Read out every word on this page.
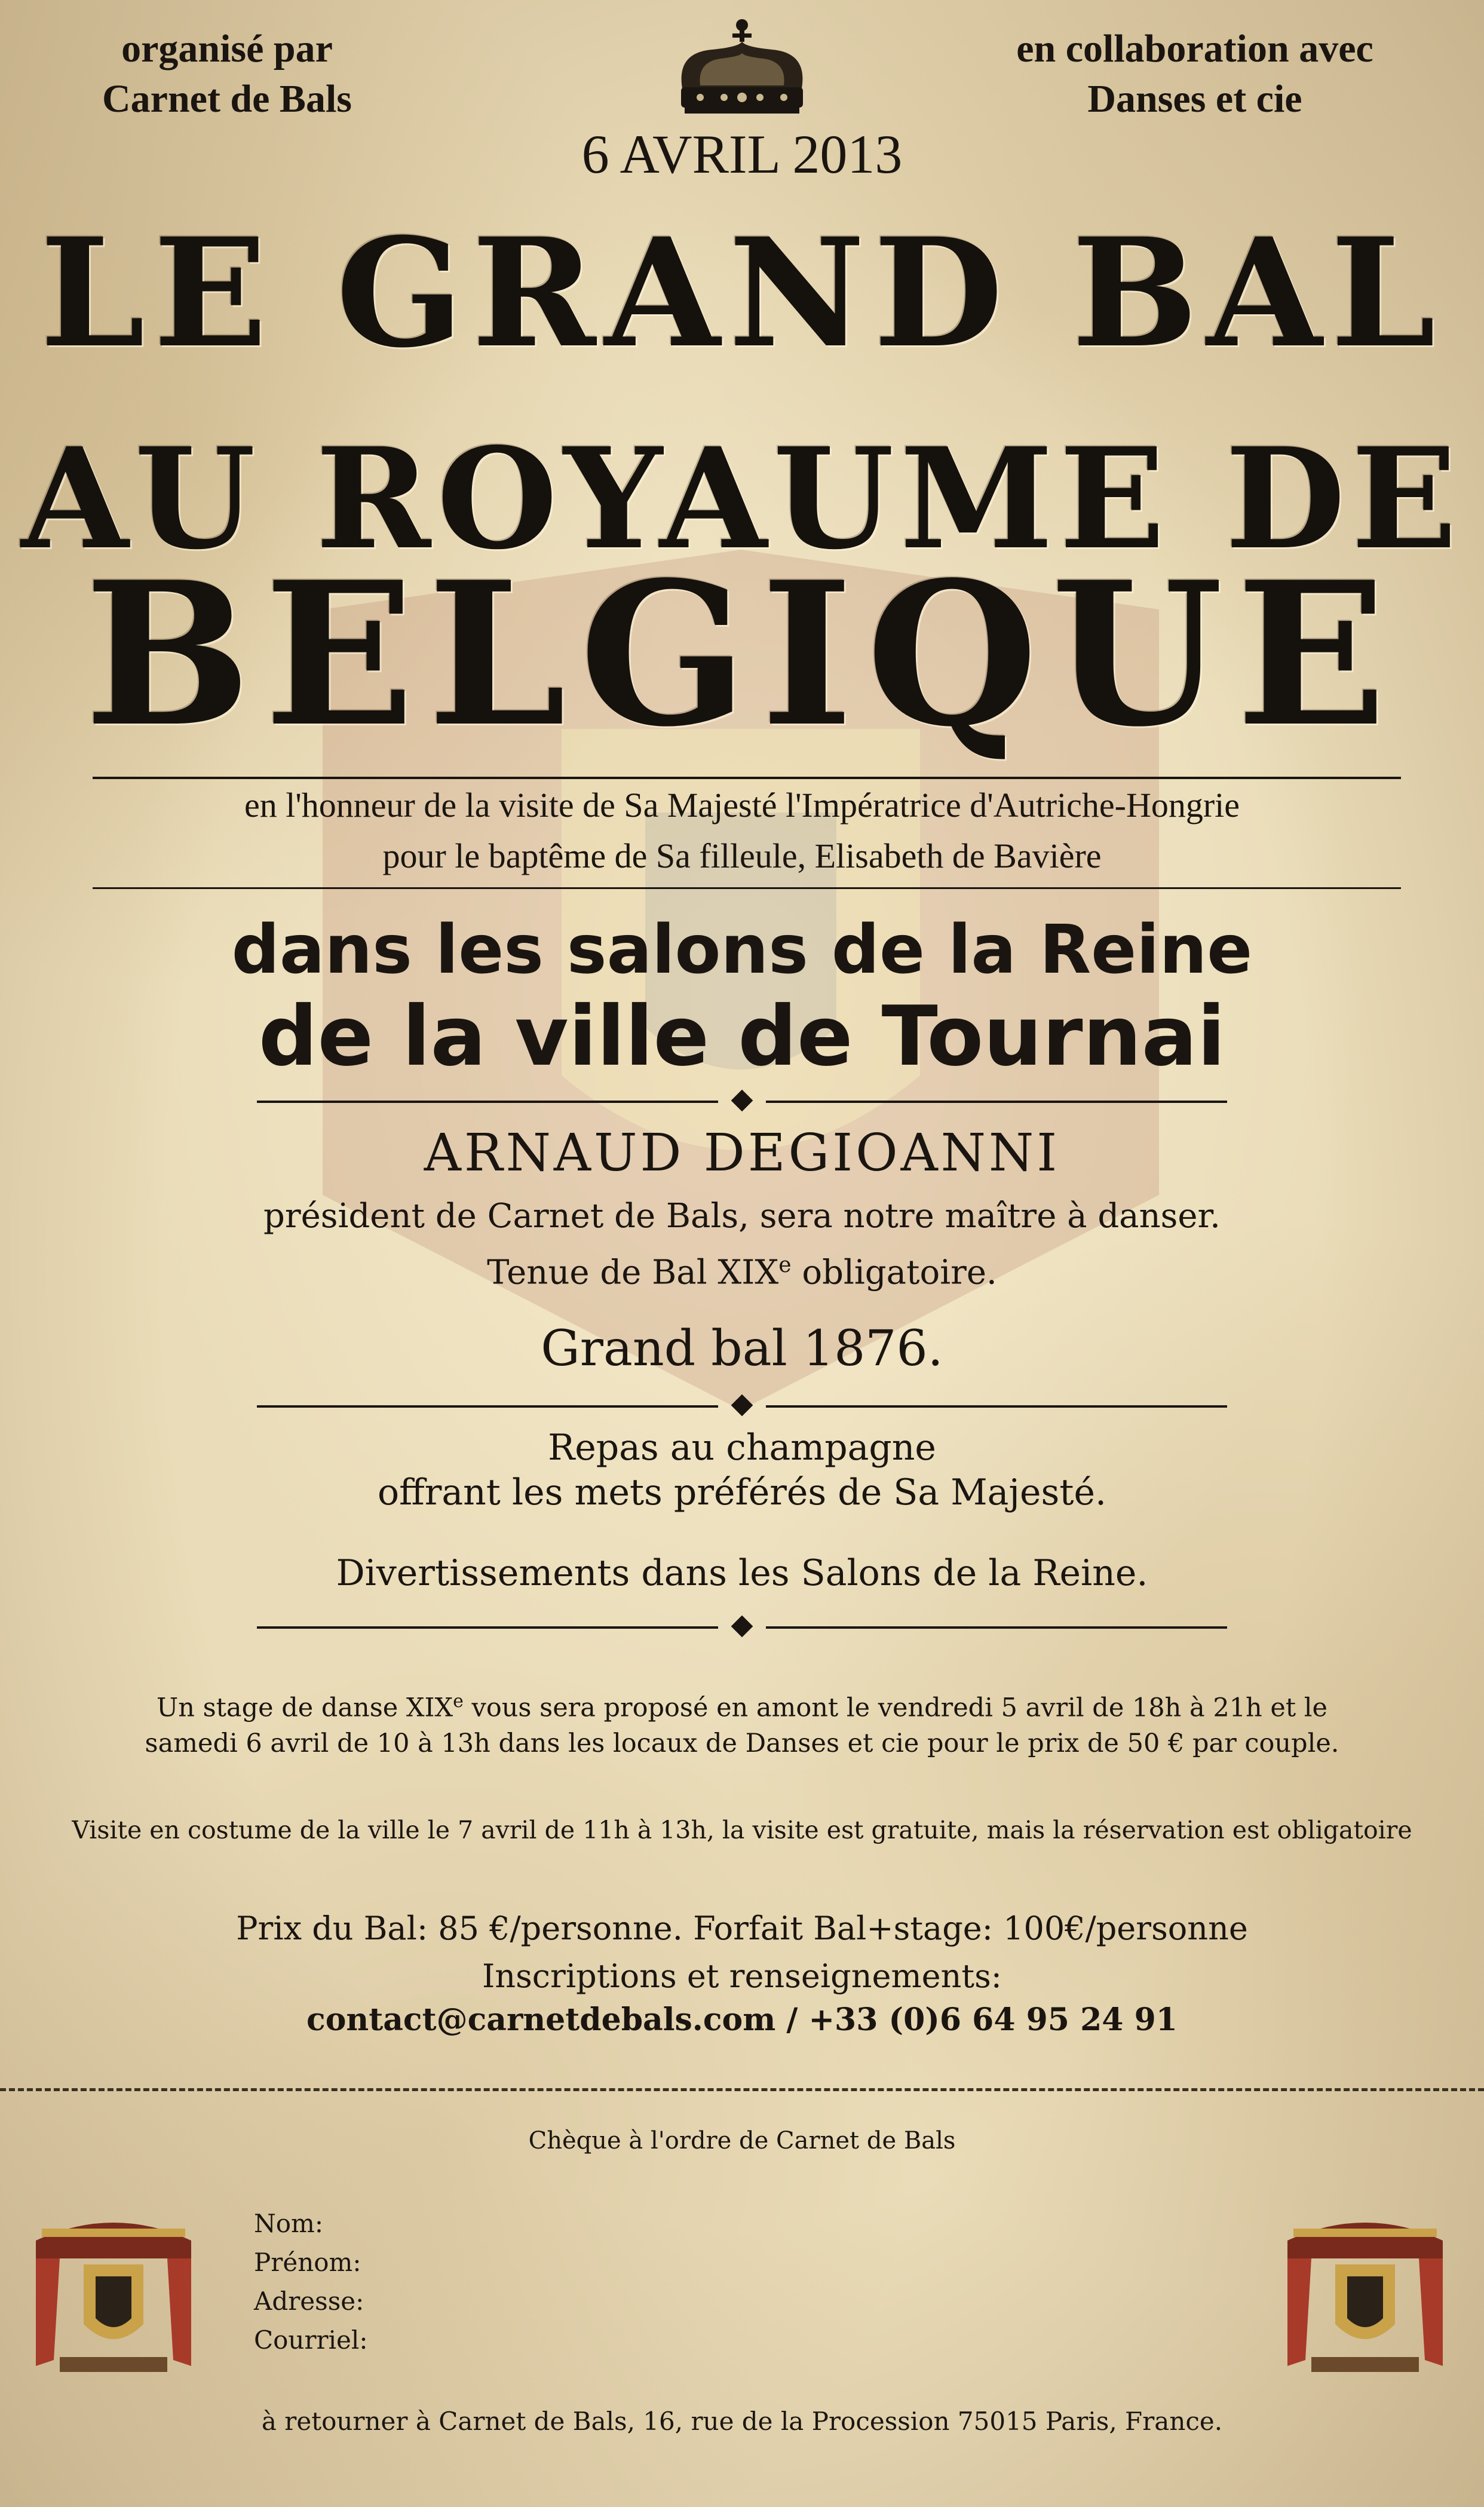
organisé par
Carnet de Bals
en collaboration avec
Danses et cie
6 AVRIL 2013
LE GRAND BAL
AU ROYAUME DE
BELGIQUE
en l'honneur de la visite de Sa Majesté l'Impératrice d'Autriche-Hongrie
pour le baptême de Sa filleule, Elisabeth de Bavière
dans les salons de la Reine
de la ville de Tournai
ARNAUD DEGIOANNI
président de Carnet de Bals, sera notre maître à danser.
Tenue de Bal XIXe obligatoire.
Grand bal 1876.
Repas au champagne
offrant les mets préférés de Sa Majesté.
Divertissements dans les Salons de la Reine.
Un stage de danse XIXe vous sera proposé en amont le vendredi 5 avril de 18h à 21h et le
samedi 6 avril de 10 à 13h dans les locaux de Danses et cie pour le prix de 50 € par couple.
Visite en costume de la ville le 7 avril de 11h à 13h, la visite est gratuite, mais la réservation est obligatoire
Prix du Bal: 85 €/personne. Forfait Bal+stage: 100€/personne
Inscriptions et renseignements:
contact@carnetdebals.com / +33 (0)6 64 95 24 91
Chèque à l'ordre de Carnet de Bals
Nom:
Prénom:
Adresse:
Courriel:
à retourner à Carnet de Bals, 16, rue de la Procession 75015 Paris, France.
